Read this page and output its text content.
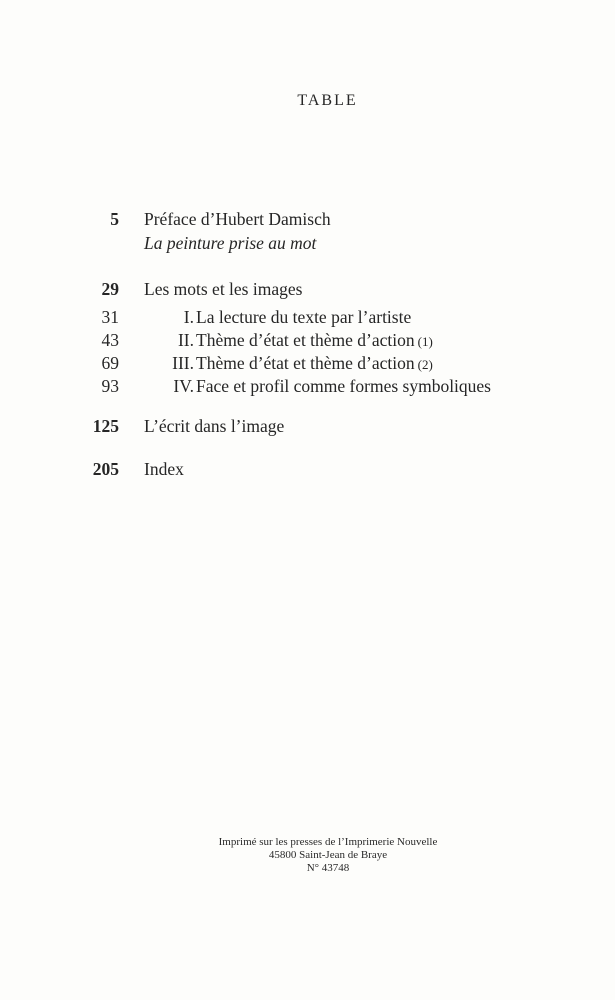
TABLE
5 Préface d’Hubert Damisch
La peinture prise au mot
29 Les mots et les images
31	I. La lecture du texte par l’artiste
43	II. Thème d’état et thème d’action (1)
69	III. Thème d’état et thème d’action (2)
93	IV. Face et profil comme formes symboliques
125 L’écrit dans l’image
205 Index
Imprimé sur les presses de l’Imprimerie Nouvelle
45800 Saint-Jean de Braye
N° 43748
